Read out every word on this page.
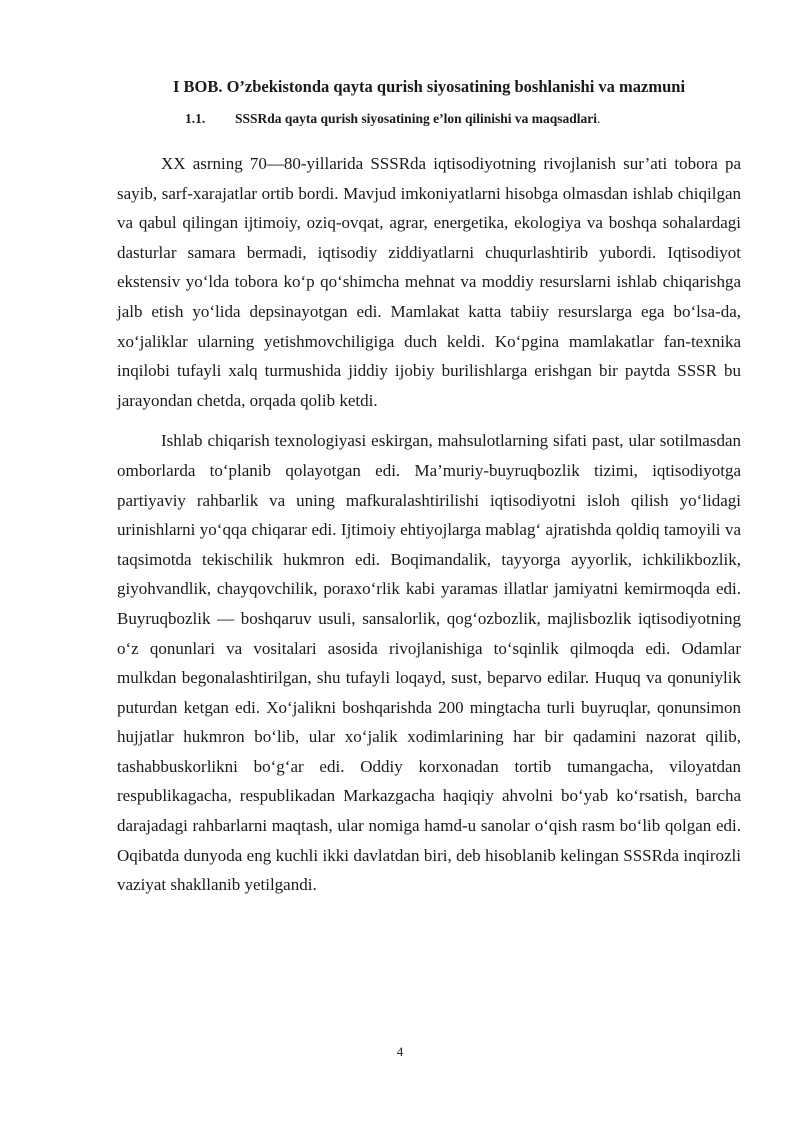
I BOB. O’zbekistonda qayta qurish siyosatining boshlanishi va mazmuni
1.1.	SSSRda qayta qurish siyosatining e’lon qilinishi va maqsadlari.

XX asrning 70—80-yillarida SSSRda iqtisodiyotning rivojlanish sur’ati tobora pa sayib, sarf-xarajatlar ortib bordi. Mavjud imkoniyatlarni hisobga olmasdan ishlab chiqilgan va qabul qilingan ijtimoiy, oziq-ovqat, agrar, energetika, ekologiya va boshqa sohalardagi dasturlar samara bermadi, iqtisodiy ziddiyatlarni chuqurlashtirib yubordi. Iqtisodiyot ekstensiv yo‘lda tobora ko‘p qo‘shimcha mehnat va moddiy resurslarni ishlab chiqarishga jalb etish yo‘lida depsinayotgan edi. Mamlakat katta tabiiy resurslarga ega bo‘lsa-da, xo‘jaliklar ularning yetishmovchiligiga duch keldi. Ko‘pgina mamlakatlar fan-texnika inqilobi tufayli xalq turmushida jiddiy ijobiy burilishlarga erishgan bir paytda SSSR bu jarayondan chetda, orqada qolib ketdi.

Ishlab chiqarish texnologiyasi eskirgan, mahsulotlarning sifati past, ular sotilmasdan omborlarda to‘planib qolayotgan edi. Ma’muriy-buyruqbozlik tizimi, iqtisodiyotga partiyaviy rahbarlik va uning mafkuralashtirilishi iqtisodiyotni isloh qilish yo‘lidagi urinishlarni yo‘qqa chiqarar edi. Ijtimoiy ehtiyojlarga mablag‘ ajratishda qoldiq tamoyili va taqsimotda tekischilik hukmron edi. Boqimandalik, tayyorga ayyorlik, ichkilikbozlik, giyohvandlik, chayqovchilik, poraxo‘rlik kabi yaramas illatlar jamiyatni kemirmoqda edi. Buyruqbozlik — boshqaruv usuli, sansalorlik, qog‘ozbozlik, majlisbozlik iqtisodiyotning o‘z qonunlari va vositalari asosida rivojlanishiga to‘sqinlik qilmoqda edi. Odamlar mulkdan begonalashtirilgan, shu tufayli loqayd, sust, beparvo edilar. Huquq va qonuniylik puturdan ketgan edi. Xo‘jalikni boshqarishda 200 mingtacha turli buyruqlar, qonunsimon hujjatlar hukmron bo‘lib, ular xo‘jalik xodimlarining har bir qadamini nazorat qilib, tashabbuskorlikni bo‘g‘ar edi. Oddiy korxonadan tortib tumangacha, viloyatdan respublikagacha, respublikadan Markazgacha haqiqiy ahvolni bo‘yab ko‘rsatish, barcha darajadagi rahbarlarni maqtash, ular nomiga hamd-u sanolar o‘qish rasm bo‘lib qolgan edi. Oqibatda dunyoda eng kuchli ikki davlatdan biri, deb hisoblanib kelingan SSSRda inqirozli vaziyat shakllanib yetilgandi.

4
